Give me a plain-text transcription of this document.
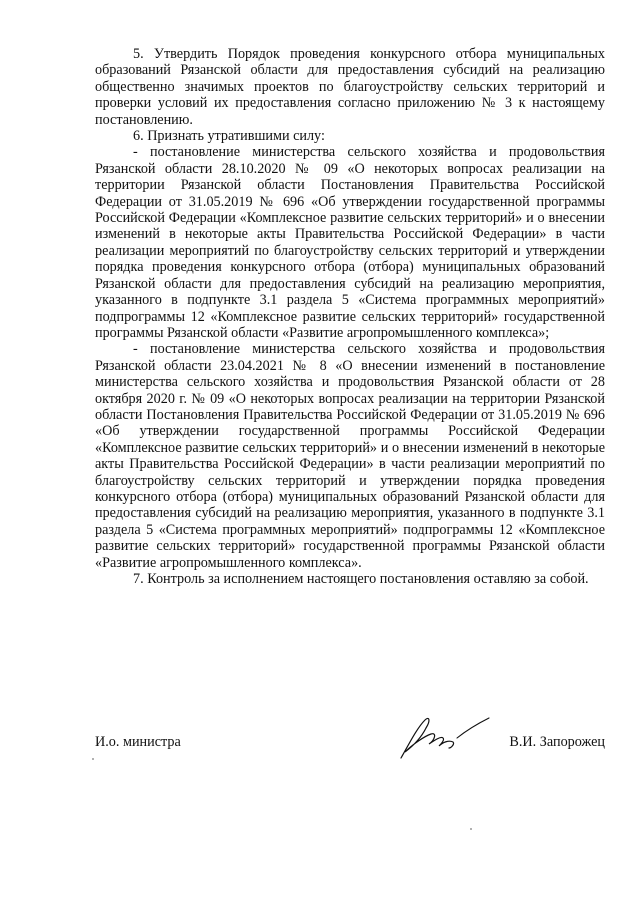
5. Утвердить Порядок проведения конкурсного отбора муниципальных образований Рязанской области для предоставления субсидий на реализацию общественно значимых проектов по благоустройству сельских территорий и проверки условий их предоставления согласно приложению № 3 к настоящему постановлению.

6. Признать утратившими силу:

- постановление министерства сельского хозяйства и продовольствия Рязанской области 28.10.2020 № 09 «О некоторых вопросах реализации на территории Рязанской области Постановления Правительства Российской Федерации от 31.05.2019 № 696 «Об утверждении государственной программы Российской Федерации «Комплексное развитие сельских территорий» и о внесении изменений в некоторые акты Правительства Российской Федерации» в части реализации мероприятий по благоустройству сельских территорий и утверждении порядка проведения конкурсного отбора (отбора) муниципальных образований Рязанской области для предоставления субсидий на реализацию мероприятия, указанного в подпункте 3.1 раздела 5 «Система программных мероприятий» подпрограммы 12 «Комплексное развитие сельских территорий» государственной программы Рязанской области «Развитие агропромышленного комплекса»;

- постановление министерства сельского хозяйства и продовольствия Рязанской области 23.04.2021 № 8 «О внесении изменений в постановление министерства сельского хозяйства и продовольствия Рязанской области от 28 октября 2020 г. № 09 «О некоторых вопросах реализации на территории Рязанской области Постановления Правительства Российской Федерации от 31.05.2019 № 696 «Об утверждении государственной программы Российской Федерации «Комплексное развитие сельских территорий» и о внесении изменений в некоторые акты Правительства Российской Федерации» в части реализации мероприятий по благоустройству сельских территорий и утверждении порядка проведения конкурсного отбора (отбора) муниципальных образований Рязанской области для предоставления субсидий на реализацию мероприятия, указанного в подпункте 3.1 раздела 5 «Система программных мероприятий» подпрограммы 12 «Комплексное развитие сельских территорий» государственной программы Рязанской области «Развитие агропромышленного комплекса».

7. Контроль за исполнением настоящего постановления оставляю за собой.

И.о. министра	В.И. Запорожец
